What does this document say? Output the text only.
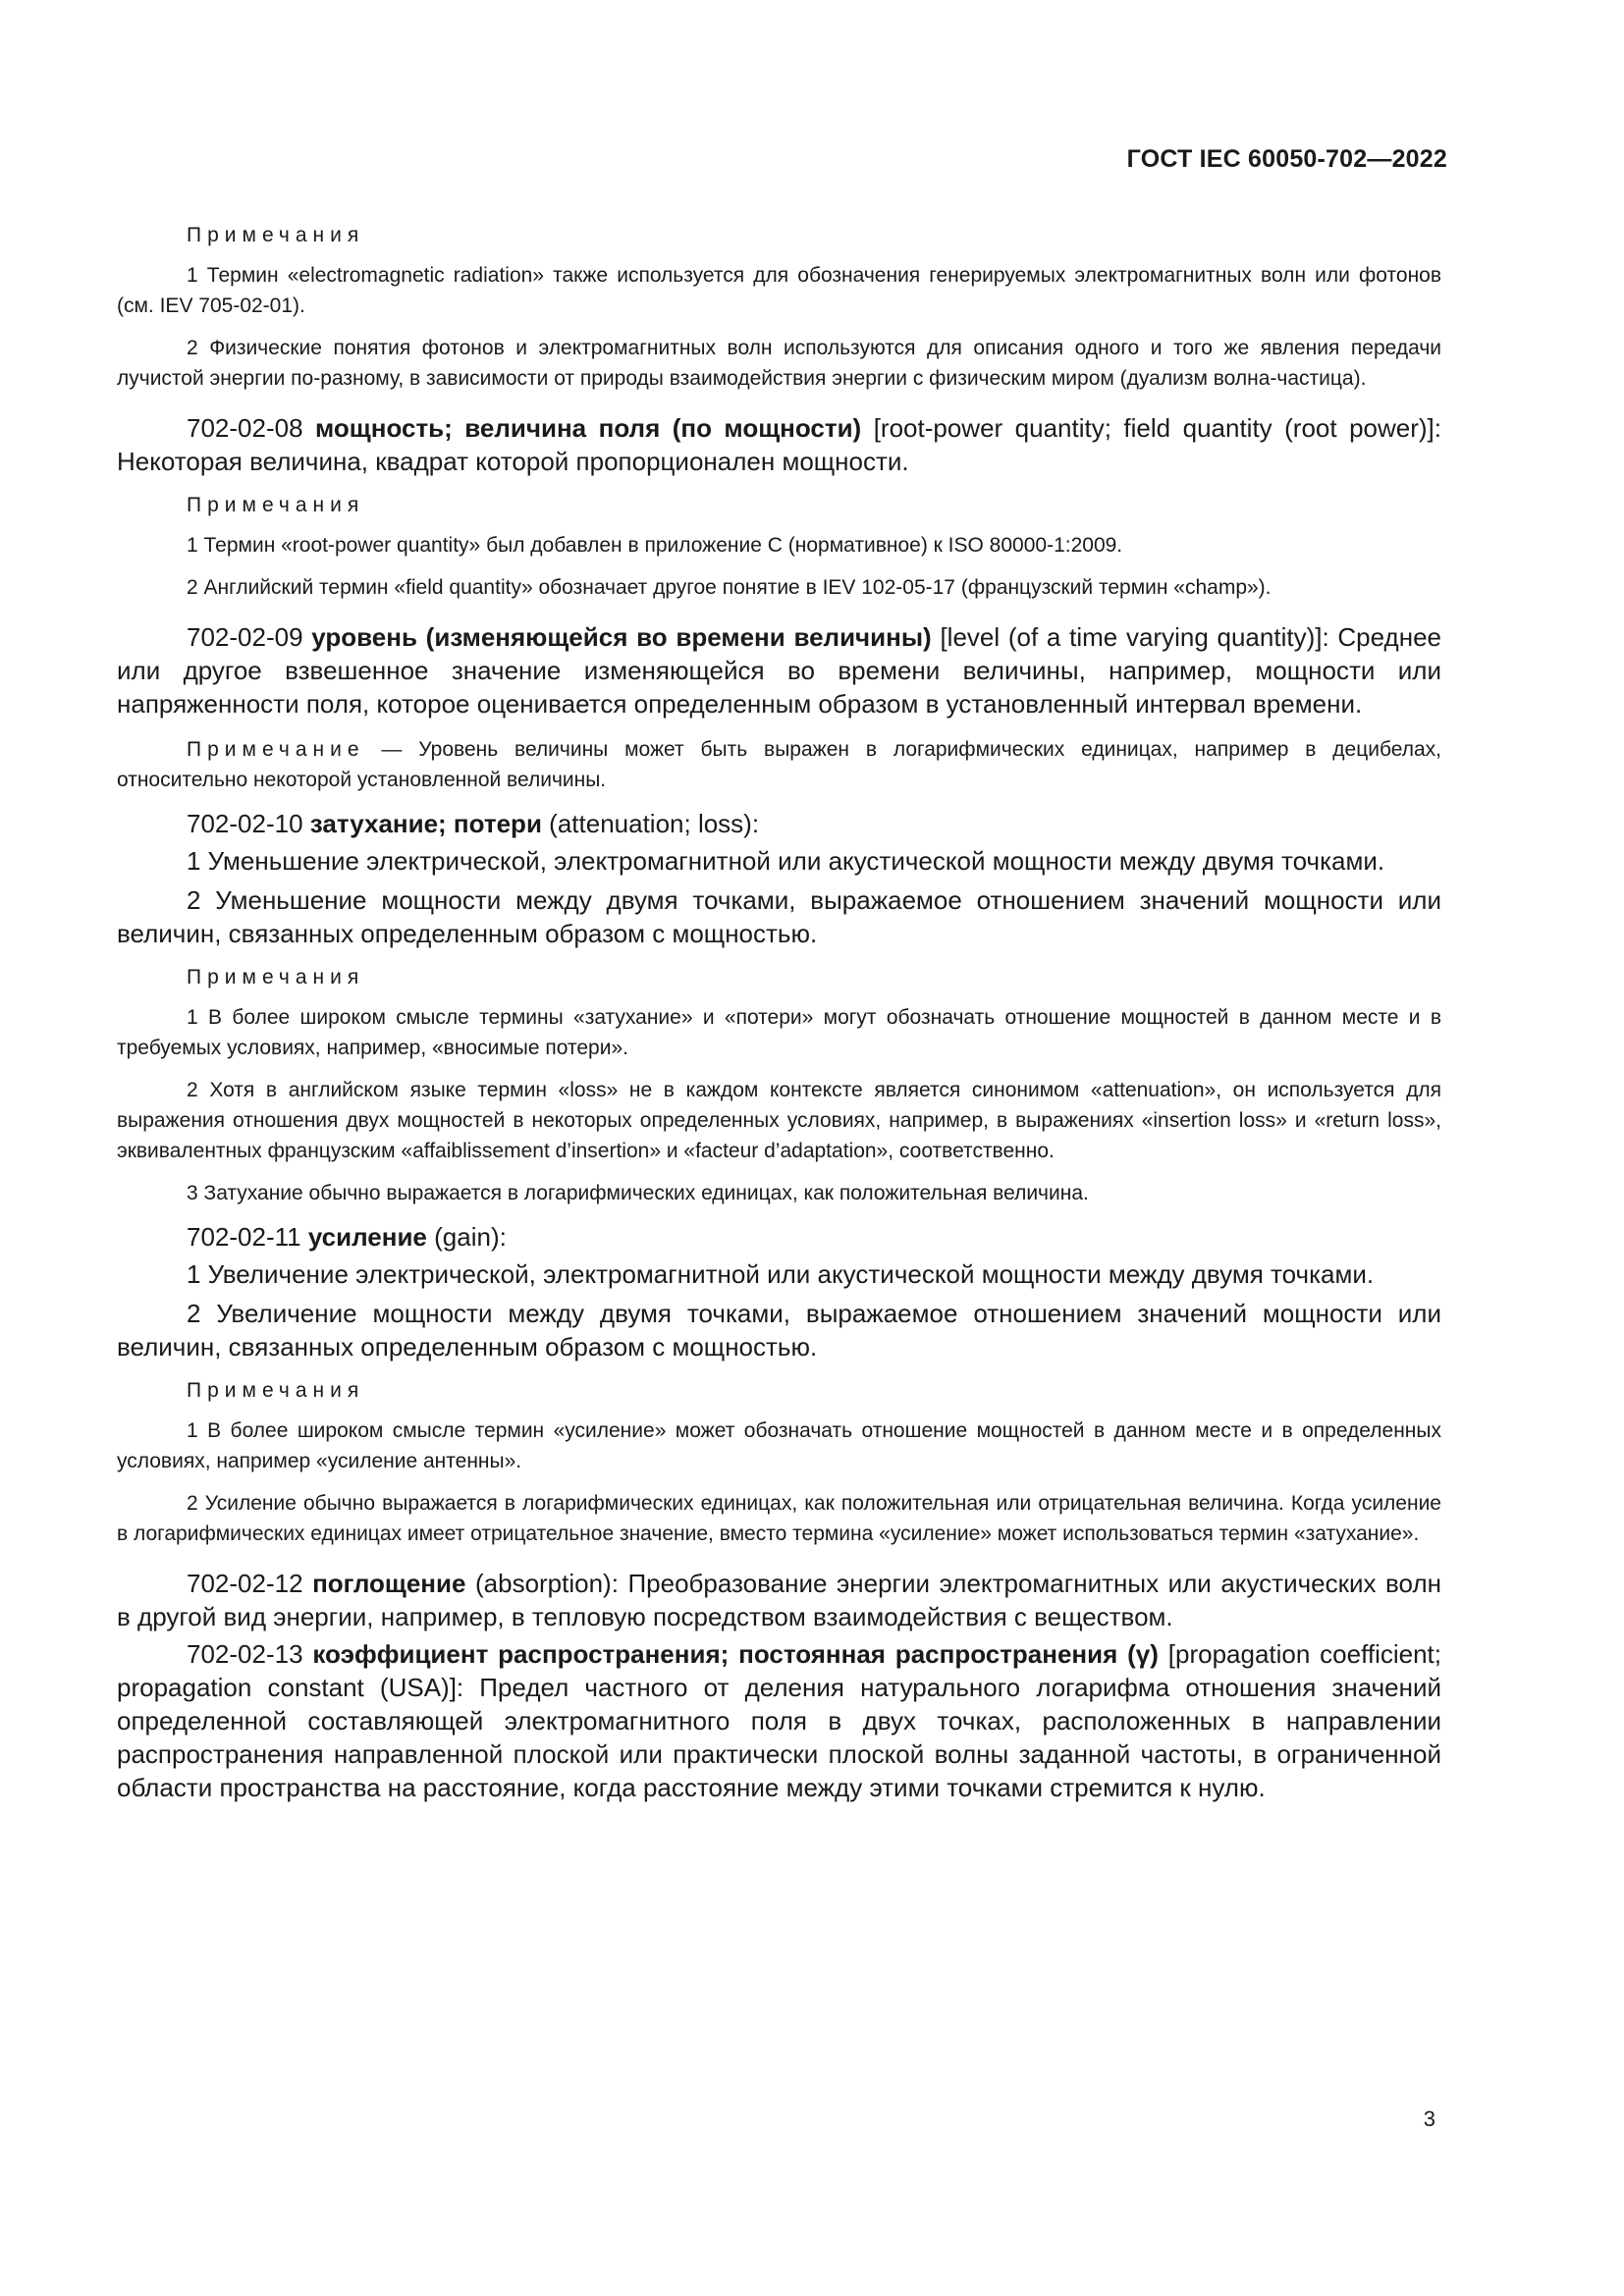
ГОСТ IEC 60050-702—2022

Примечания

1 Термин «electromagnetic radiation» также используется для обозначения генерируемых электромагнитных волн или фотонов (см. IEV 705-02-01).

2 Физические понятия фотонов и электромагнитных волн используются для описания одного и того же явления передачи лучистой энергии по-разному, в зависимости от природы взаимодействия энергии с физическим миром (дуализм волна-частица).

702-02-08 мощность; величина поля (по мощности) [root-power quantity; field quantity (root power)]: Некоторая величина, квадрат которой пропорционален мощности.

Примечания

1 Термин «root-power quantity» был добавлен в приложение С (нормативное) к ISO 80000-1:2009.

2 Английский термин «field quantity» обозначает другое понятие в IEV 102-05-17 (французский термин «champ»).

702-02-09 уровень (изменяющейся во времени величины) [level (of a time varying quantity)]: Среднее или другое взвешенное значение изменяющейся во времени величины, например, мощности или напряженности поля, которое оценивается определенным образом в установленный интервал времени.

Примечание — Уровень величины может быть выражен в логарифмических единицах, например в децибелах, относительно некоторой установленной величины.

702-02-10 затухание; потери (attenuation; loss):

1 Уменьшение электрической, электромагнитной или акустической мощности между двумя точками.

2 Уменьшение мощности между двумя точками, выражаемое отношением значений мощности или величин, связанных определенным образом с мощностью.

Примечания

1 В более широком смысле термины «затухание» и «потери» могут обозначать отношение мощностей в данном месте и в требуемых условиях, например, «вносимые потери».

2 Хотя в английском языке термин «loss» не в каждом контексте является синонимом «attenuation», он используется для выражения отношения двух мощностей в некоторых определенных условиях, например, в выражениях «insertion loss» и «return loss», эквивалентных французским «affaiblissement d’insertion» и «facteur d’adaptation», соответственно.

3 Затухание обычно выражается в логарифмических единицах, как положительная величина.

702-02-11 усиление (gain):

1 Увеличение электрической, электромагнитной или акустической мощности между двумя точками.

2 Увеличение мощности между двумя точками, выражаемое отношением значений мощности или величин, связанных определенным образом с мощностью.

Примечания

1 В более широком смысле термин «усиление» может обозначать отношение мощностей в данном месте и в определенных условиях, например «усиление антенны».

2 Усиление обычно выражается в логарифмических единицах, как положительная или отрицательная величина. Когда усиление в логарифмических единицах имеет отрицательное значение, вместо термина «усиление» может использоваться термин «затухание».

702-02-12 поглощение (absorption): Преобразование энергии электромагнитных или акустических волн в другой вид энергии, например, в тепловую посредством взаимодействия с веществом.

702-02-13 коэффициент распространения; постоянная распространения (γ) [propagation coefficient; propagation constant (USA)]: Предел частного от деления натурального логарифма отношения значений определенной составляющей электромагнитного поля в двух точках, расположенных в направлении распространения направленной плоской или практически плоской волны заданной частоты, в ограниченной области пространства на расстояние, когда расстояние между этими точками стремится к нулю.

3
